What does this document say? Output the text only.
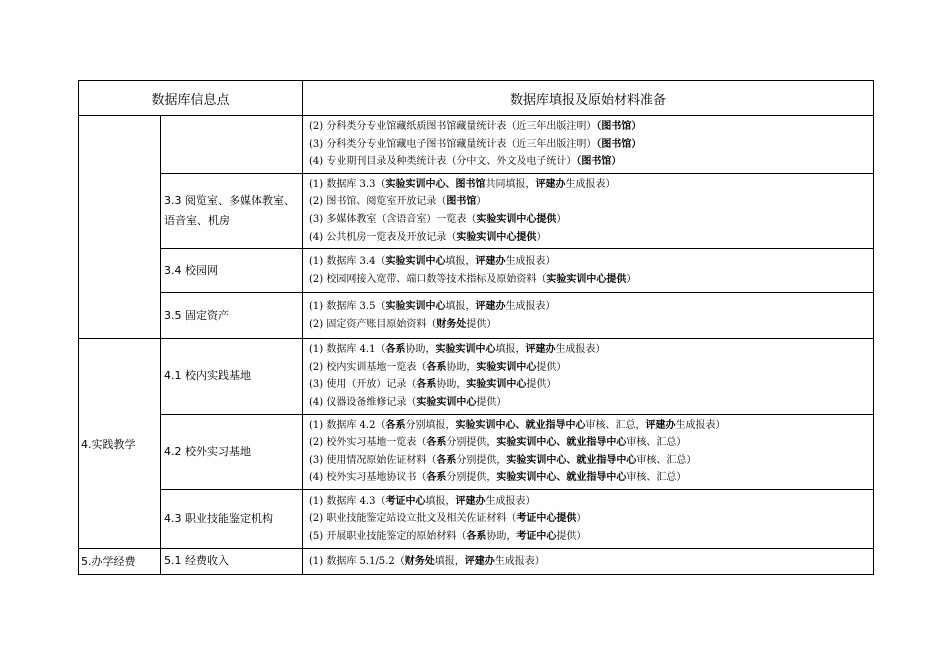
数据库信息点		数据库填报及原始材料准备

		(2) 分科类分专业馆藏纸质图书馆藏量统计表（近三年出版注明）（图书馆）
(3) 分科类分专业馆藏电子图书馆藏量统计表（近三年出版注明）（图书馆）
(4) 专业期刊目录及种类统计表（分中文、外文及电子统计）（图书馆）

	3.3 阅览室、多媒体教室、语音室、机房	(1) 数据库 3.3（实验实训中心、图书馆共同填报，评建办生成报表）
(2) 图书馆、阅览室开放记录（图书馆）
(3) 多媒体教室（含语音室）一览表（实验实训中心提供）
(4) 公共机房一览表及开放记录（实验实训中心提供）

	3.4 校园网	(1) 数据库 3.4（实验实训中心填报，评建办生成报表）
(2) 校园网接入宽带、端口数等技术指标及原始资料（实验实训中心提供）

	3.5 固定资产	(1) 数据库 3.5（实验实训中心填报，评建办生成报表）
(2) 固定资产账目原始资料（财务处提供）

4.实践教学	4.1 校内实践基地	(1) 数据库 4.1（各系协助，实验实训中心填报，评建办生成报表）
(2) 校内实训基地一览表（各系协助，实验实训中心提供）
(3) 使用（开放）记录（各系协助，实验实训中心提供）
(4) 仪器设备维修记录（实验实训中心提供）

	4.2 校外实习基地	(1) 数据库 4.2（各系分别填报，实验实训中心、就业指导中心审核、汇总，评建办生成报表）
(2) 校外实习基地一览表（各系分别提供，实验实训中心、就业指导中心审核、汇总）
(3) 使用情况原始佐证材料（各系分别提供，实验实训中心、就业指导中心审核、汇总）
(4) 校外实习基地协议书（各系分别提供，实验实训中心、就业指导中心审核、汇总）

	4.3 职业技能鉴定机构	(1) 数据库 4.3（考证中心填报，评建办生成报表）
(2) 职业技能鉴定站设立批文及相关佐证材料（考证中心提供）
(5) 开展职业技能鉴定的原始材料（各系协助，考证中心提供）

5.办学经费	5.1 经费收入	(1) 数据库 5.1/5.2（财务处填报，评建办生成报表）
